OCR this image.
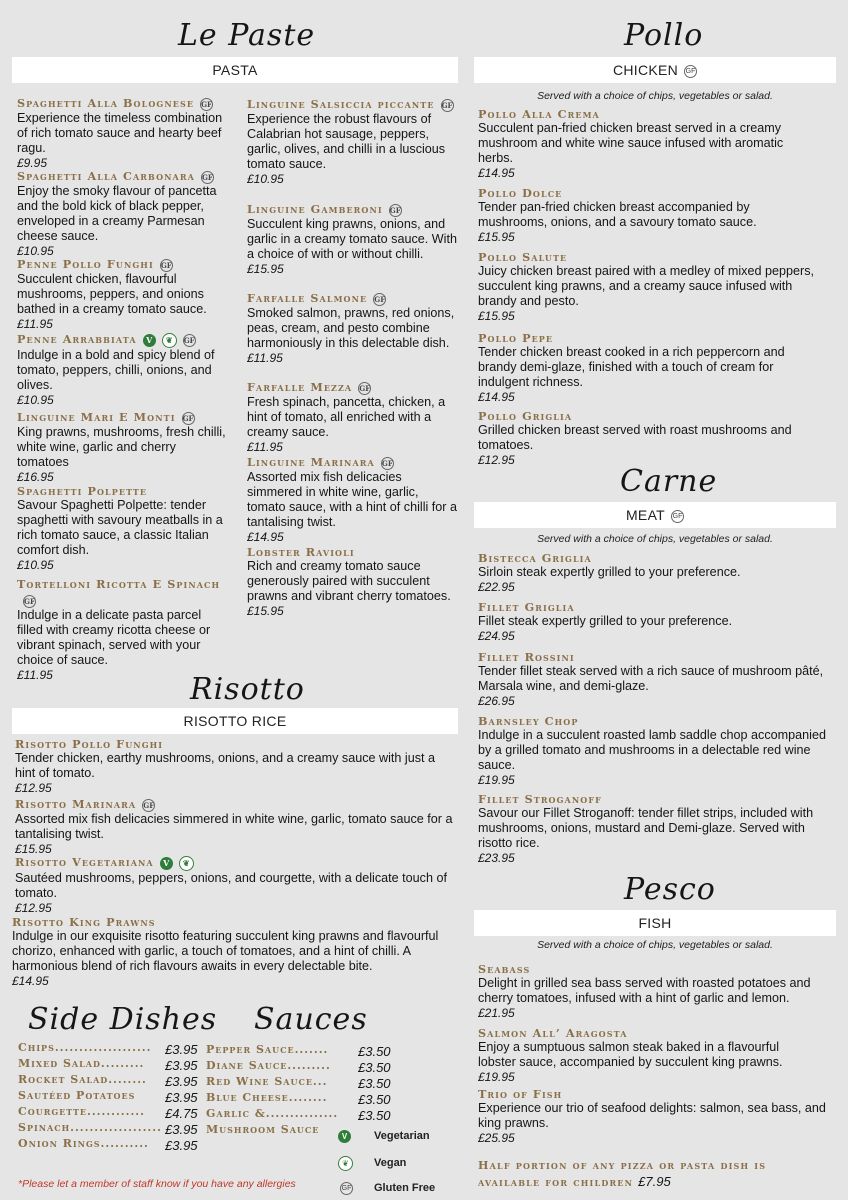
Le Paste	Pollo
Carne
Risotto
Pesco
Side Dishes Sauces
PASTA	CHICKEN GF
MEAT GF
RISOTTO RICE
FISH
Served with a choice of chips, vegetables or salad.
Served with a choice of chips, vegetables or salad.
Served with a choice of chips, vegetables or salad.
Spaghetti Alla Bolognese GF
Experience the timeless combination of rich tomato sauce and hearty beef ragu.
£9.95
Spaghetti Alla Carbonara GF
Enjoy the smoky flavour of pancetta and the bold kick of black pepper, enveloped in a creamy Parmesan cheese sauce.
£10.95
Penne Pollo Funghi GF
Succulent chicken, flavourful mushrooms, peppers, and onions bathed in a creamy tomato sauce.
£11.95
Penne Arrabbiata V ❦ GF
Indulge in a bold and spicy blend of tomato, peppers, chilli, onions, and olives.
£10.95
Linguine Mari E Monti GF
King prawns, mushrooms, fresh chilli, white wine, garlic and cherry tomatoes
£16.95
Spaghetti Polpette
Savour Spaghetti Polpette: tender spaghetti with savoury meatballs in a rich tomato sauce, a classic Italian comfort dish.
£10.95
Tortelloni Ricotta E SpinachGF
Indulge in a delicate pasta parcel filled with creamy ricotta cheese or vibrant spinach, served with your choice of sauce.
£11.95
Linguine Salsiccia piccante GF
Experience the robust flavours of Calabrian hot sausage, peppers, garlic, olives, and chilli in a luscious tomato sauce.
£10.95
Linguine Gamberoni GF
Succulent king prawns, onions, and garlic in a creamy tomato sauce. With a choice of with or without chilli.
£15.95
Farfalle Salmone GF
Smoked salmon, prawns, red onions, peas, cream, and pesto combine harmoniously in this delectable dish.
£11.95
Farfalle Mezza GF
Fresh spinach, pancetta, chicken, a hint of tomato, all enriched with a creamy sauce.
£11.95
Linguine Marinara GF
Assorted mix fish delicacies simmered in white wine, garlic, tomato sauce, with a hint of chilli for a tantalising twist.
£14.95
Lobster Ravioli
Rich and creamy tomato sauce generously paired with succulent prawns and vibrant cherry tomatoes.
£15.95
Risotto Pollo Funghi
Tender chicken, earthy mushrooms, onions, and a creamy sauce with just a hint of tomato.
£12.95
Risotto Marinara GF
Assorted mix fish delicacies simmered in white wine, garlic, tomato sauce for a tantalising twist.
£15.95
Risotto Vegetariana V ❦
Sautéed mushrooms, peppers, onions, and courgette, with a delicate touch of tomato.
£12.95
Risotto King Prawns
Indulge in our exquisite risotto featuring succulent king prawns and flavourful chorizo, enhanced with garlic, a touch of tomatoes, and a hint of chilli. A harmonious blend of rich flavours awaits in every delectable bite.
£14.95
Pollo Alla Crema
Succulent pan-fried chicken breast served in a creamy mushroom and white wine sauce infused with aromatic herbs.
£14.95
Pollo Dolce
Tender pan-fried chicken breast accompanied by mushrooms, onions, and a savoury tomato sauce.
£15.95
Pollo Salute
Juicy chicken breast paired with a medley of mixed peppers, succulent king prawns, and a creamy sauce infused with brandy and pesto.
£15.95
Pollo Pepe
Tender chicken breast cooked in a rich peppercorn and brandy demi-glaze, finished with a touch of cream for indulgent richness.
£14.95
Pollo Griglia
Grilled chicken breast served with roast mushrooms and tomatoes.
£12.95
Bistecca Griglia
Sirloin steak expertly grilled to your preference.
£22.95
Fillet Griglia
Fillet steak expertly grilled to your preference.
£24.95
Fillet Rossini
Tender fillet steak served with a rich sauce of mushroom pâté, Marsala wine, and demi-glaze.
£26.95
Barnsley Chop
Indulge in a succulent roasted lamb saddle chop accompanied by a grilled tomato and mushrooms in a delectable red wine sauce.
£19.95
Fillet Stroganoff
Savour our Fillet Stroganoff: tender fillet strips, included with mushrooms, onions, mustard and Demi-glaze. Served with risotto rice.
£23.95
Seabass
Delight in grilled sea bass served with roasted potatoes and cherry tomatoes, infused with a hint of garlic and lemon.
£21.95
Salmon All’ Aragosta
Enjoy a sumptuous salmon steak baked in a flavourful lobster sauce, accompanied by succulent king prawns.
£19.95
Trio of Fish
Experience our trio of seafood delights: salmon, sea bass, and king prawns.
£25.95
Chips.................... £3.95
Mixed Salad......... £3.95
Rocket Salad........ £3.95
Sautéed Potatoes £3.95
Courgette............ £4.75
Spinach................... £3.95
Onion Rings.......... £3.95
Pepper Sauce....... £3.50
Diane Sauce......... £3.50
Red Wine Sauce... £3.50
Blue Cheese........ £3.50
Garlic &............... £3.50
Mushroom Sauce
V	Vegetarian
❦	Vegan
GF Gluten Free
*Please let a member of staff know if you have any allergies
Half portion of any pizza or pasta dish is
available for children £7.95
